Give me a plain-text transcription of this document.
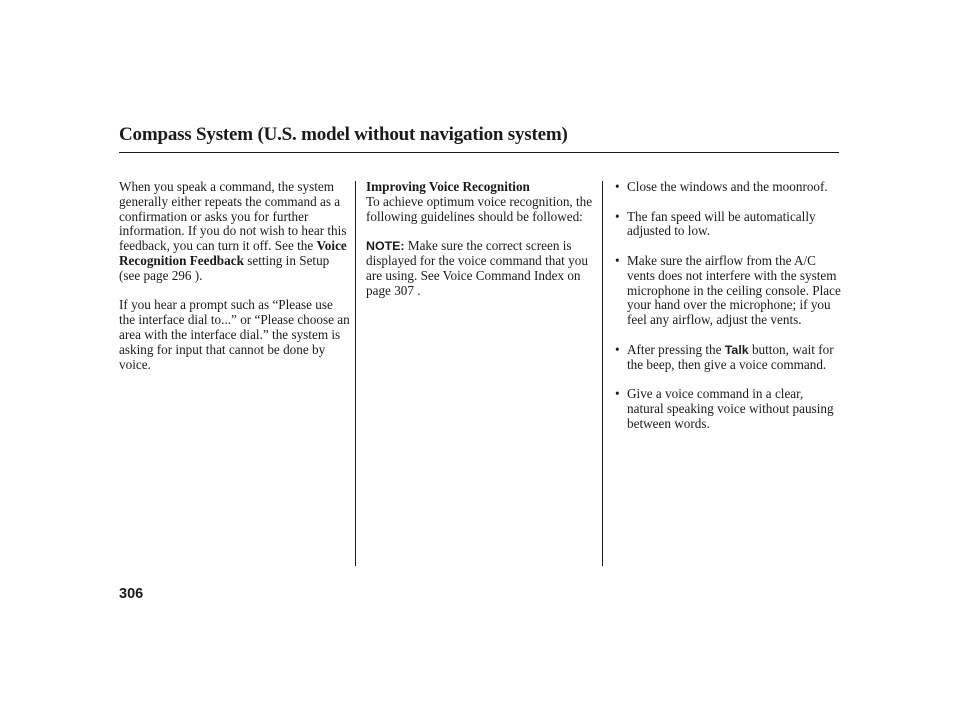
Compass System (U.S. model without navigation system)

When you speak a command, the system generally either repeats the command as a confirmation or asks you for further information. If you do not wish to hear this feedback, you can turn it off. See the Voice Recognition Feedback setting in Setup (see page 296 ).

If you hear a prompt such as “Please use the interface dial to...” or “Please choose an area with the interface dial.” the system is asking for input that cannot be done by voice.

Improving Voice Recognition

To achieve optimum voice recognition, the following guidelines should be followed:

NOTE: Make sure the correct screen is displayed for the voice command that you are using. See Voice Command Index on page 307 .

• Close the windows and the moonroof.
• The fan speed will be automatically adjusted to low.
• Make sure the airflow from the A/C vents does not interfere with the system microphone in the ceiling console. Place your hand over the microphone; if you feel any airflow, adjust the vents.
• After pressing the Talk button, wait for the beep, then give a voice command.
• Give a voice command in a clear, natural speaking voice without pausing between words.
306
